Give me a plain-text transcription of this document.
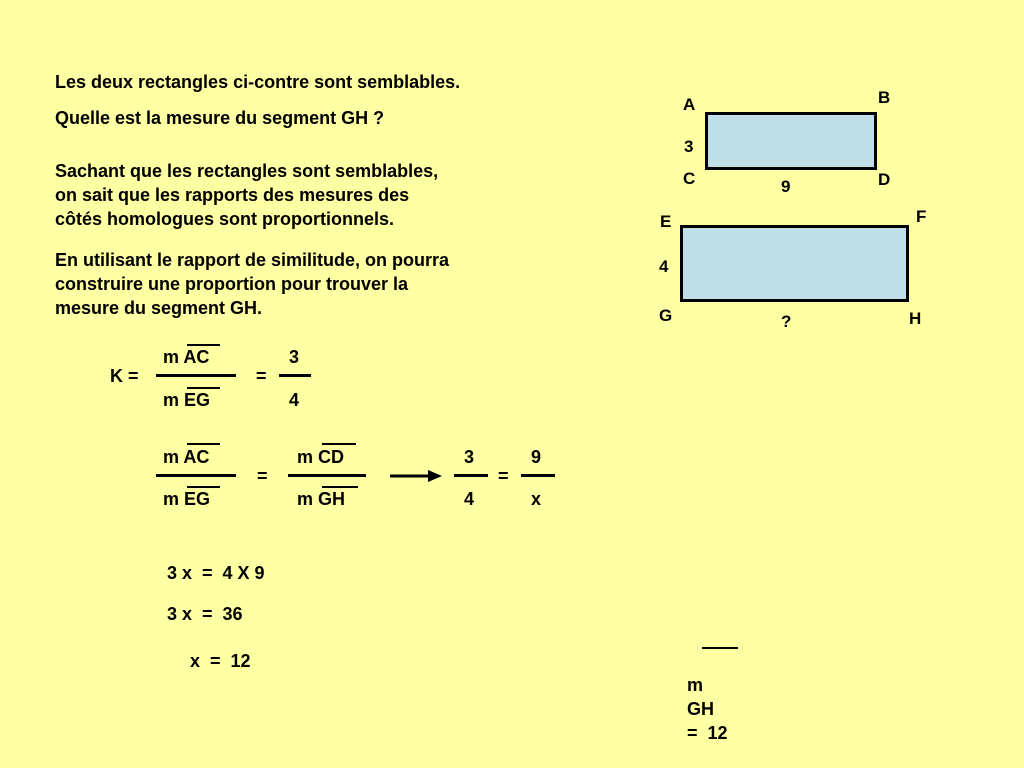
Les deux rectangles ci-contre sont semblables.
Quelle est la mesure du segment GH ?
Sachant que les rectangles sont semblables,
on sait que les rapports des mesures des
côtés homologues sont proportionnels.
En utilisant le rapport de similitude, on pourra
construire une proportion pour trouver la
mesure du segment GH.
A	B
3
C	D
9
E	F
4
G	H
?
K =
m AC
m EG
=
3
4
m AC
m EG
=
m CD
m GH
3
4
=
9
x
3 x  =  4 X 9
3 x  =  36
x  =  12

m
GH
=  12
